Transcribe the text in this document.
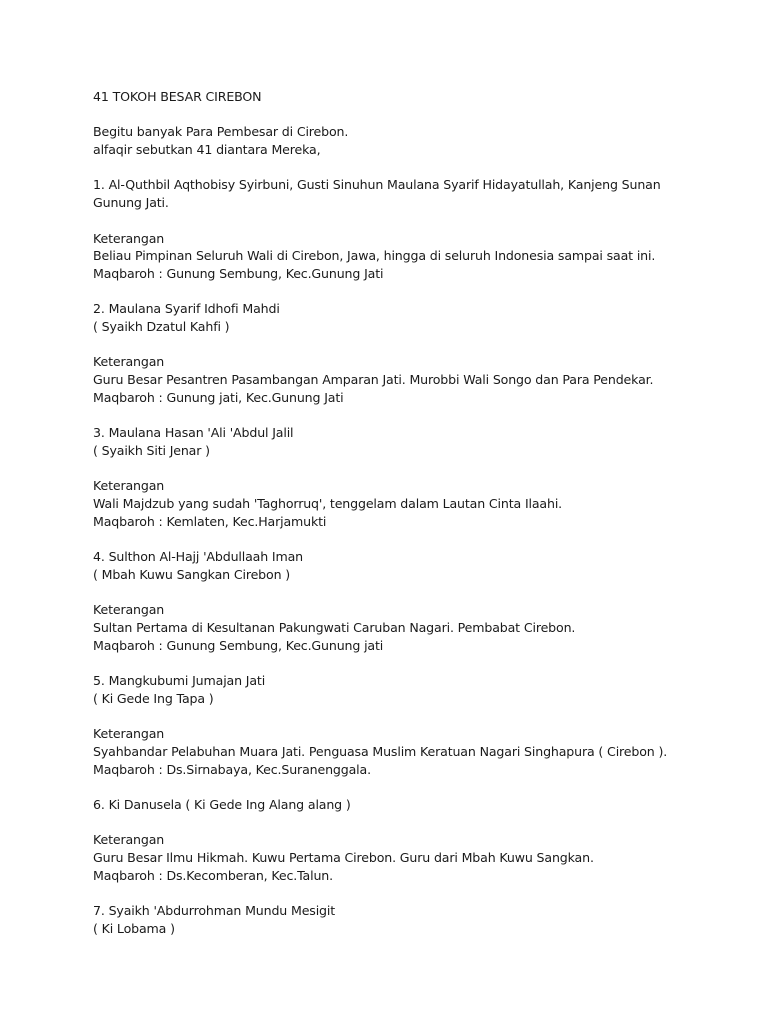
41 TOKOH BESAR CIREBON
Begitu banyak Para Pembesar di Cirebon.
alfaqir sebutkan 41 diantara Mereka,
1. Al-Quthbil Aqthobisy Syirbuni, Gusti Sinuhun Maulana Syarif Hidayatullah, Kanjeng Sunan Gunung Jati.
Keterangan
Beliau Pimpinan Seluruh Wali di Cirebon, Jawa, hingga di seluruh Indonesia sampai saat ini.
Maqbaroh : Gunung Sembung, Kec.Gunung Jati
2. Maulana Syarif Idhofi Mahdi
( Syaikh Dzatul Kahfi )
Keterangan
Guru Besar Pesantren Pasambangan Amparan Jati. Murobbi Wali Songo dan Para Pendekar.
Maqbaroh : Gunung jati, Kec.Gunung Jati
3. Maulana Hasan 'Ali 'Abdul Jalil
( Syaikh Siti Jenar )
Keterangan
Wali Majdzub yang sudah 'Taghorruq', tenggelam dalam Lautan Cinta Ilaahi.
Maqbaroh : Kemlaten, Kec.Harjamukti
4. Sulthon Al-Hajj 'Abdullaah Iman
( Mbah Kuwu Sangkan Cirebon )
Keterangan
Sultan Pertama di Kesultanan Pakungwati Caruban Nagari. Pembabat Cirebon.
Maqbaroh : Gunung Sembung, Kec.Gunung jati
5. Mangkubumi Jumajan Jati
( Ki Gede Ing Tapa )
Keterangan
Syahbandar Pelabuhan Muara Jati. Penguasa Muslim Keratuan Nagari Singhapura ( Cirebon ).
Maqbaroh : Ds.Sirnabaya, Kec.Suranenggala.
6. Ki Danusela ( Ki Gede Ing Alang alang )
Keterangan
Guru Besar Ilmu Hikmah. Kuwu Pertama Cirebon. Guru dari Mbah Kuwu Sangkan.
Maqbaroh : Ds.Kecomberan, Kec.Talun.
7. Syaikh 'Abdurrohman Mundu Mesigit
( Ki Lobama )
